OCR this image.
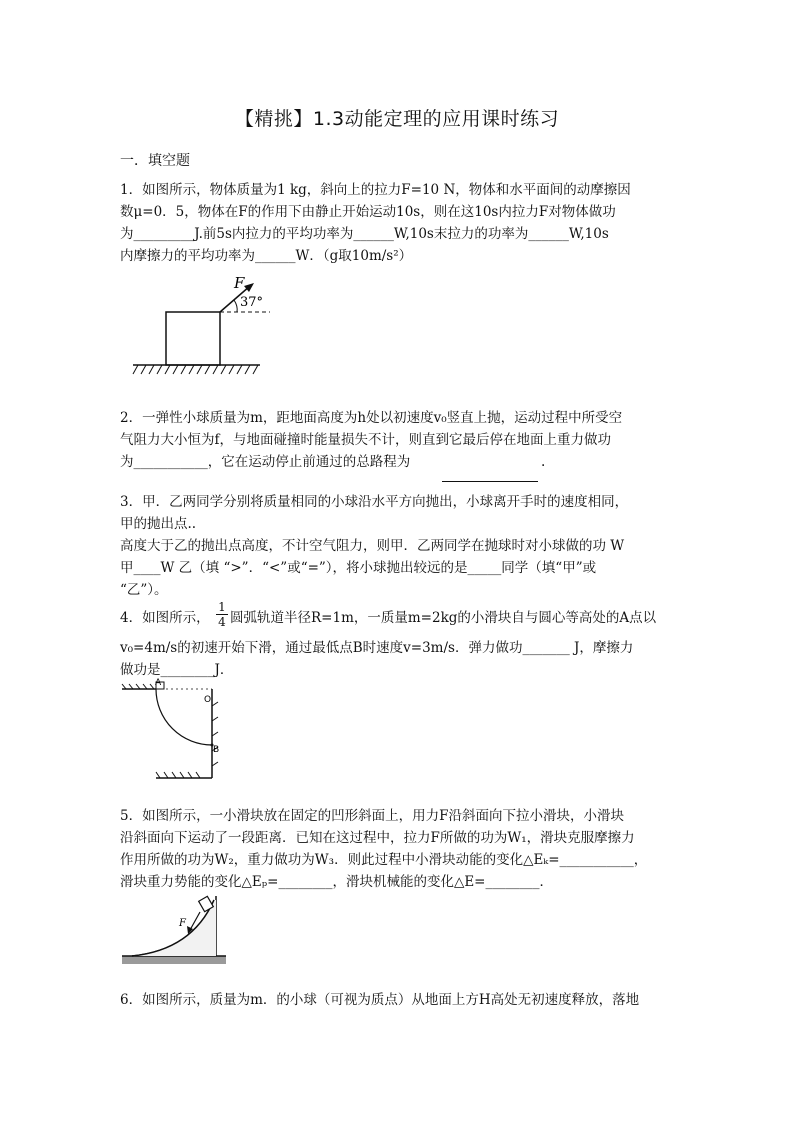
【精挑】1.3动能定理的应用课时练习
一．填空题
1．如图所示，物体质量为1 kg，斜向上的拉力F=10 N，物体和水平面间的动摩擦因
数μ=0．5，物体在F的作用下由静止开始运动10s，则在这10s内拉力F对物体做功
为_________J.前5s内拉力的平均功率为______W,10s末拉力的功率为______W,10s
内摩擦力的平均功率为______W．（g取10m/s²）
F
37°
2．一弹性小球质量为m，距地面高度为h处以初速度v₀竖直上抛，运动过程中所受空
气阻力大小恒为f，与地面碰撞时能量损失不计，则直到它最后停在地面上重力做功
为___________，它在运动停止前通过的总路程为	.
3．甲．乙两同学分别将质量相同的小球沿水平方向抛出，小球离开手时的速度相同，
甲的抛出点..
高度大于乙的抛出点高度，不计空气阻力，则甲．乙两同学在抛球时对小球做的功 W
甲____W 乙（填 “>”．“<”或“=”），将小球抛出较远的是_____同学（填“甲”或
“乙”）。
4．如图所示， $\frac{1}{4}$ 圆弧轨道半径R=1m，一质量m=2kg的小滑块自与圆心等高处的A点以
v₀=4m/s的初速开始下滑，通过最低点B时速度v=3m/s．弹力做功_______ J，摩擦力
做功是________J．
A
O
B
5．如图所示，一小滑块放在固定的凹形斜面上，用力F沿斜面向下拉小滑块，小滑块
沿斜面向下运动了一段距离．已知在这过程中，拉力F所做的功为W₁，滑块克服摩擦力
作用所做的功为W₂，重力做功为W₃．则此过程中小滑块动能的变化△Eₖ=___________，
滑块重力势能的变化△Eₚ=________，滑块机械能的变化△E=________．
F
6．如图所示，质量为m．的小球（可视为质点）从地面上方H高处无初速度释放，落地
